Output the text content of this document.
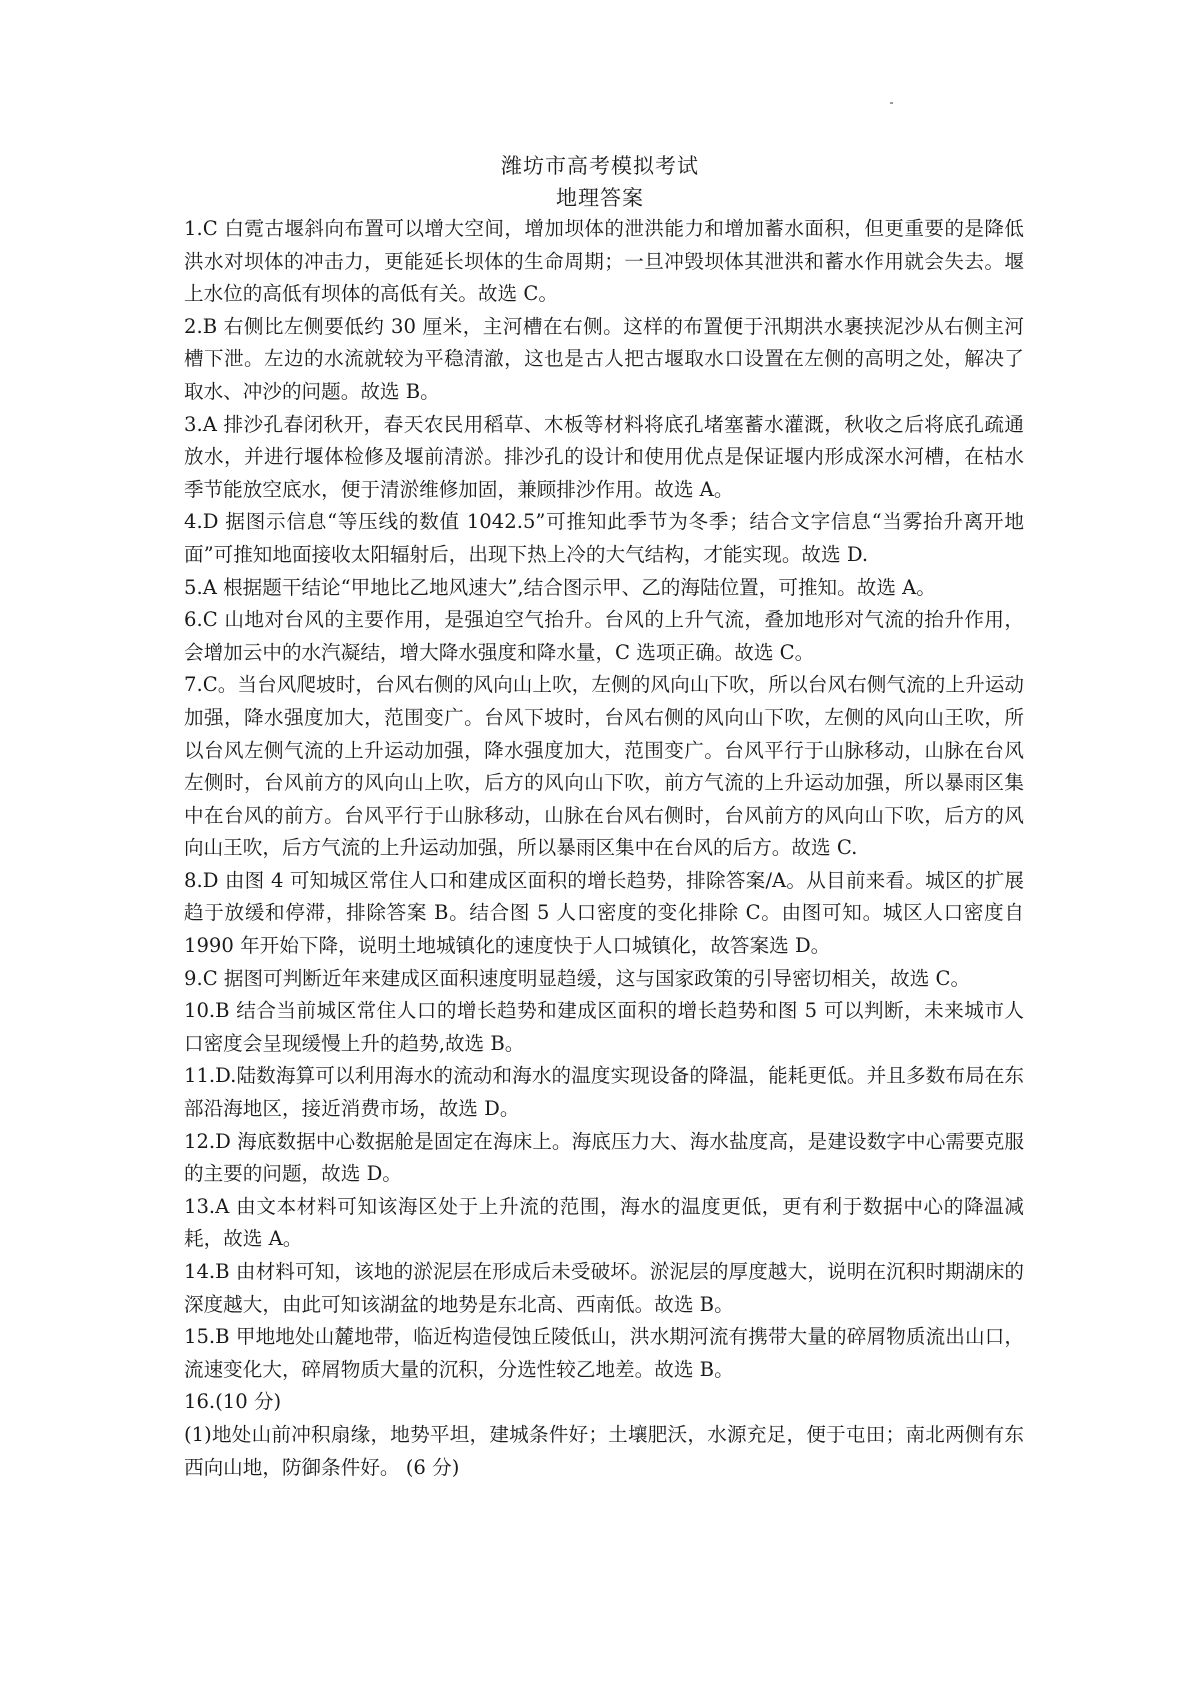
潍坊市高考模拟考试
地理答案

1.C 白霓古堰斜向布置可以增大空间，增加坝体的泄洪能力和增加蓄水面积，但更重要的是降低洪水对坝体的冲击力，更能延长坝体的生命周期；一旦冲毁坝体其泄洪和蓄水作用就会失去。堰上水位的高低有坝体的高低有关。故选 C。

2.B 右侧比左侧要低约 30 厘米，主河槽在右侧。这样的布置便于汛期洪水裹挟泥沙从右侧主河槽下泄。左边的水流就较为平稳清澈，这也是古人把古堰取水口设置在左侧的高明之处，解决了取水、冲沙的问题。故选 B。

3.A 排沙孔春闭秋开，春天农民用稻草、木板等材料将底孔堵塞蓄水灌溉，秋收之后将底孔疏通放水，并进行堰体检修及堰前清淤。排沙孔的设计和使用优点是保证堰内形成深水河槽，在枯水季节能放空底水，便于清淤维修加固，兼顾排沙作用。故选 A。

4.D 据图示信息“等压线的数值 1042.5”可推知此季节为冬季；结合文字信息“当雾抬升离开地面”可推知地面接收太阳辐射后，出现下热上冷的大气结构，才能实现。故选 D.

5.A 根据题干结论“甲地比乙地风速大”,结合图示甲、乙的海陆位置，可推知。故选 A。

6.C 山地对台风的主要作用，是强迫空气抬升。台风的上升气流，叠加地形对气流的抬升作用，会增加云中的水汽凝结，增大降水强度和降水量，C 选项正确。故选 C。

7.C。当台风爬坡时，台风右侧的风向山上吹，左侧的风向山下吹，所以台风右侧气流的上升运动加强，降水强度加大，范围变广。台风下坡时，台风右侧的风向山下吹，左侧的风向山王吹，所以台风左侧气流的上升运动加强，降水强度加大，范围变广。台风平行于山脉移动，山脉在台风左侧时，台风前方的风向山上吹，后方的风向山下吹，前方气流的上升运动加强，所以暴雨区集中在台风的前方。台风平行于山脉移动，山脉在台风右侧时，台风前方的风向山下吹，后方的风向山王吹，后方气流的上升运动加强，所以暴雨区集中在台风的后方。故选 C.

8.D 由图 4 可知城区常住人口和建成区面积的增长趋势，排除答案/A。从目前来看。城区的扩展趋于放缓和停滞，排除答案 B。结合图 5 人口密度的变化排除 C。由图可知。城区人口密度自 1990 年开始下降，说明土地城镇化的速度快于人口城镇化，故答案选 D。

9.C 据图可判断近年来建成区面积速度明显趋缓，这与国家政策的引导密切相关，故选 C。

10.B 结合当前城区常住人口的增长趋势和建成区面积的增长趋势和图 5 可以判断，未来城市人口密度会呈现缓慢上升的趋势,故选 B。

11.D.陆数海算可以利用海水的流动和海水的温度实现设备的降温，能耗更低。并且多数布局在东部沿海地区，接近消费市场，故选 D。

12.D 海底数据中心数据舱是固定在海床上。海底压力大、海水盐度高，是建设数字中心需要克服的主要的问题，故选 D。

13.A 由文本材料可知该海区处于上升流的范围，海水的温度更低，更有利于数据中心的降温减耗，故选 A。

14.B 由材料可知，该地的淤泥层在形成后未受破坏。淤泥层的厚度越大，说明在沉积时期湖床的深度越大，由此可知该湖盆的地势是东北高、西南低。故选 B。

15.B 甲地地处山麓地带，临近构造侵蚀丘陵低山，洪水期河流有携带大量的碎屑物质流出山口，流速变化大，碎屑物质大量的沉积，分选性较乙地差。故选 B。

16.(10 分)

(1)地处山前冲积扇缘，地势平坦，建城条件好；土壤肥沃，水源充足，便于屯田；南北两侧有东西向山地，防御条件好。 (6 分)
